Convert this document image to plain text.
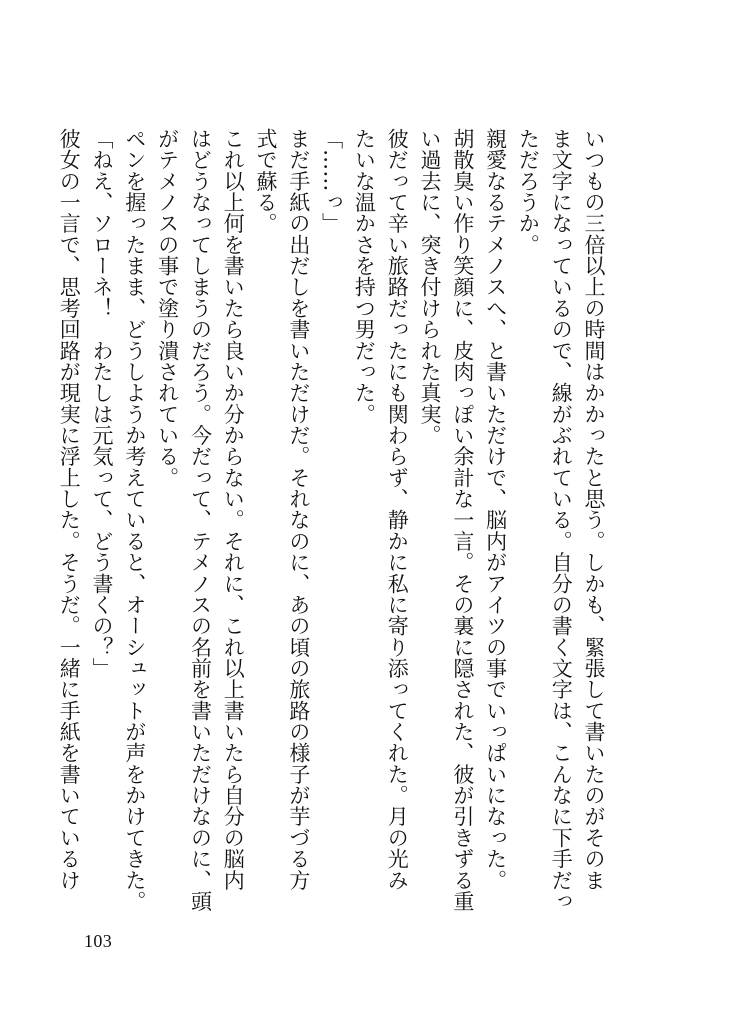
いつもの三倍以上の時間はかかったと思う。しかも、緊張して書いたのがそのま
ま文字になっているので、線がぶれている。自分の書く文字は、こんなに下手だっ
ただろうか。
親愛なるテメノスへ、と書いただけで、脳内がアイツの事でいっぱいになった。
胡散臭い作り笑顔に、皮肉っぽい余計な一言。その裏に隠された、彼が引きずる重
い過去に、突き付けられた真実。
彼だって辛い旅路だったにも関わらず、静かに私に寄り添ってくれた。月の光み
たいな温かさを持つ男だった。
「……っ」
まだ手紙の出だしを書いただけだ。それなのに、あの頃の旅路の様子が芋づる方
式で蘇る。
これ以上何を書いたら良いか分からない。それに、これ以上書いたら自分の脳内
はどうなってしまうのだろう。今だって、テメノスの名前を書いただけなのに、頭
がテメノスの事で塗り潰されている。
ペンを握ったまま、どうしようか考えていると、オーシュットが声をかけてきた。
「ねえ、ソローネ！　わたしは元気って、どう書くの？」
彼女の一言で、思考回路が現実に浮上した。そうだ。一緒に手紙を書いているけ
103
